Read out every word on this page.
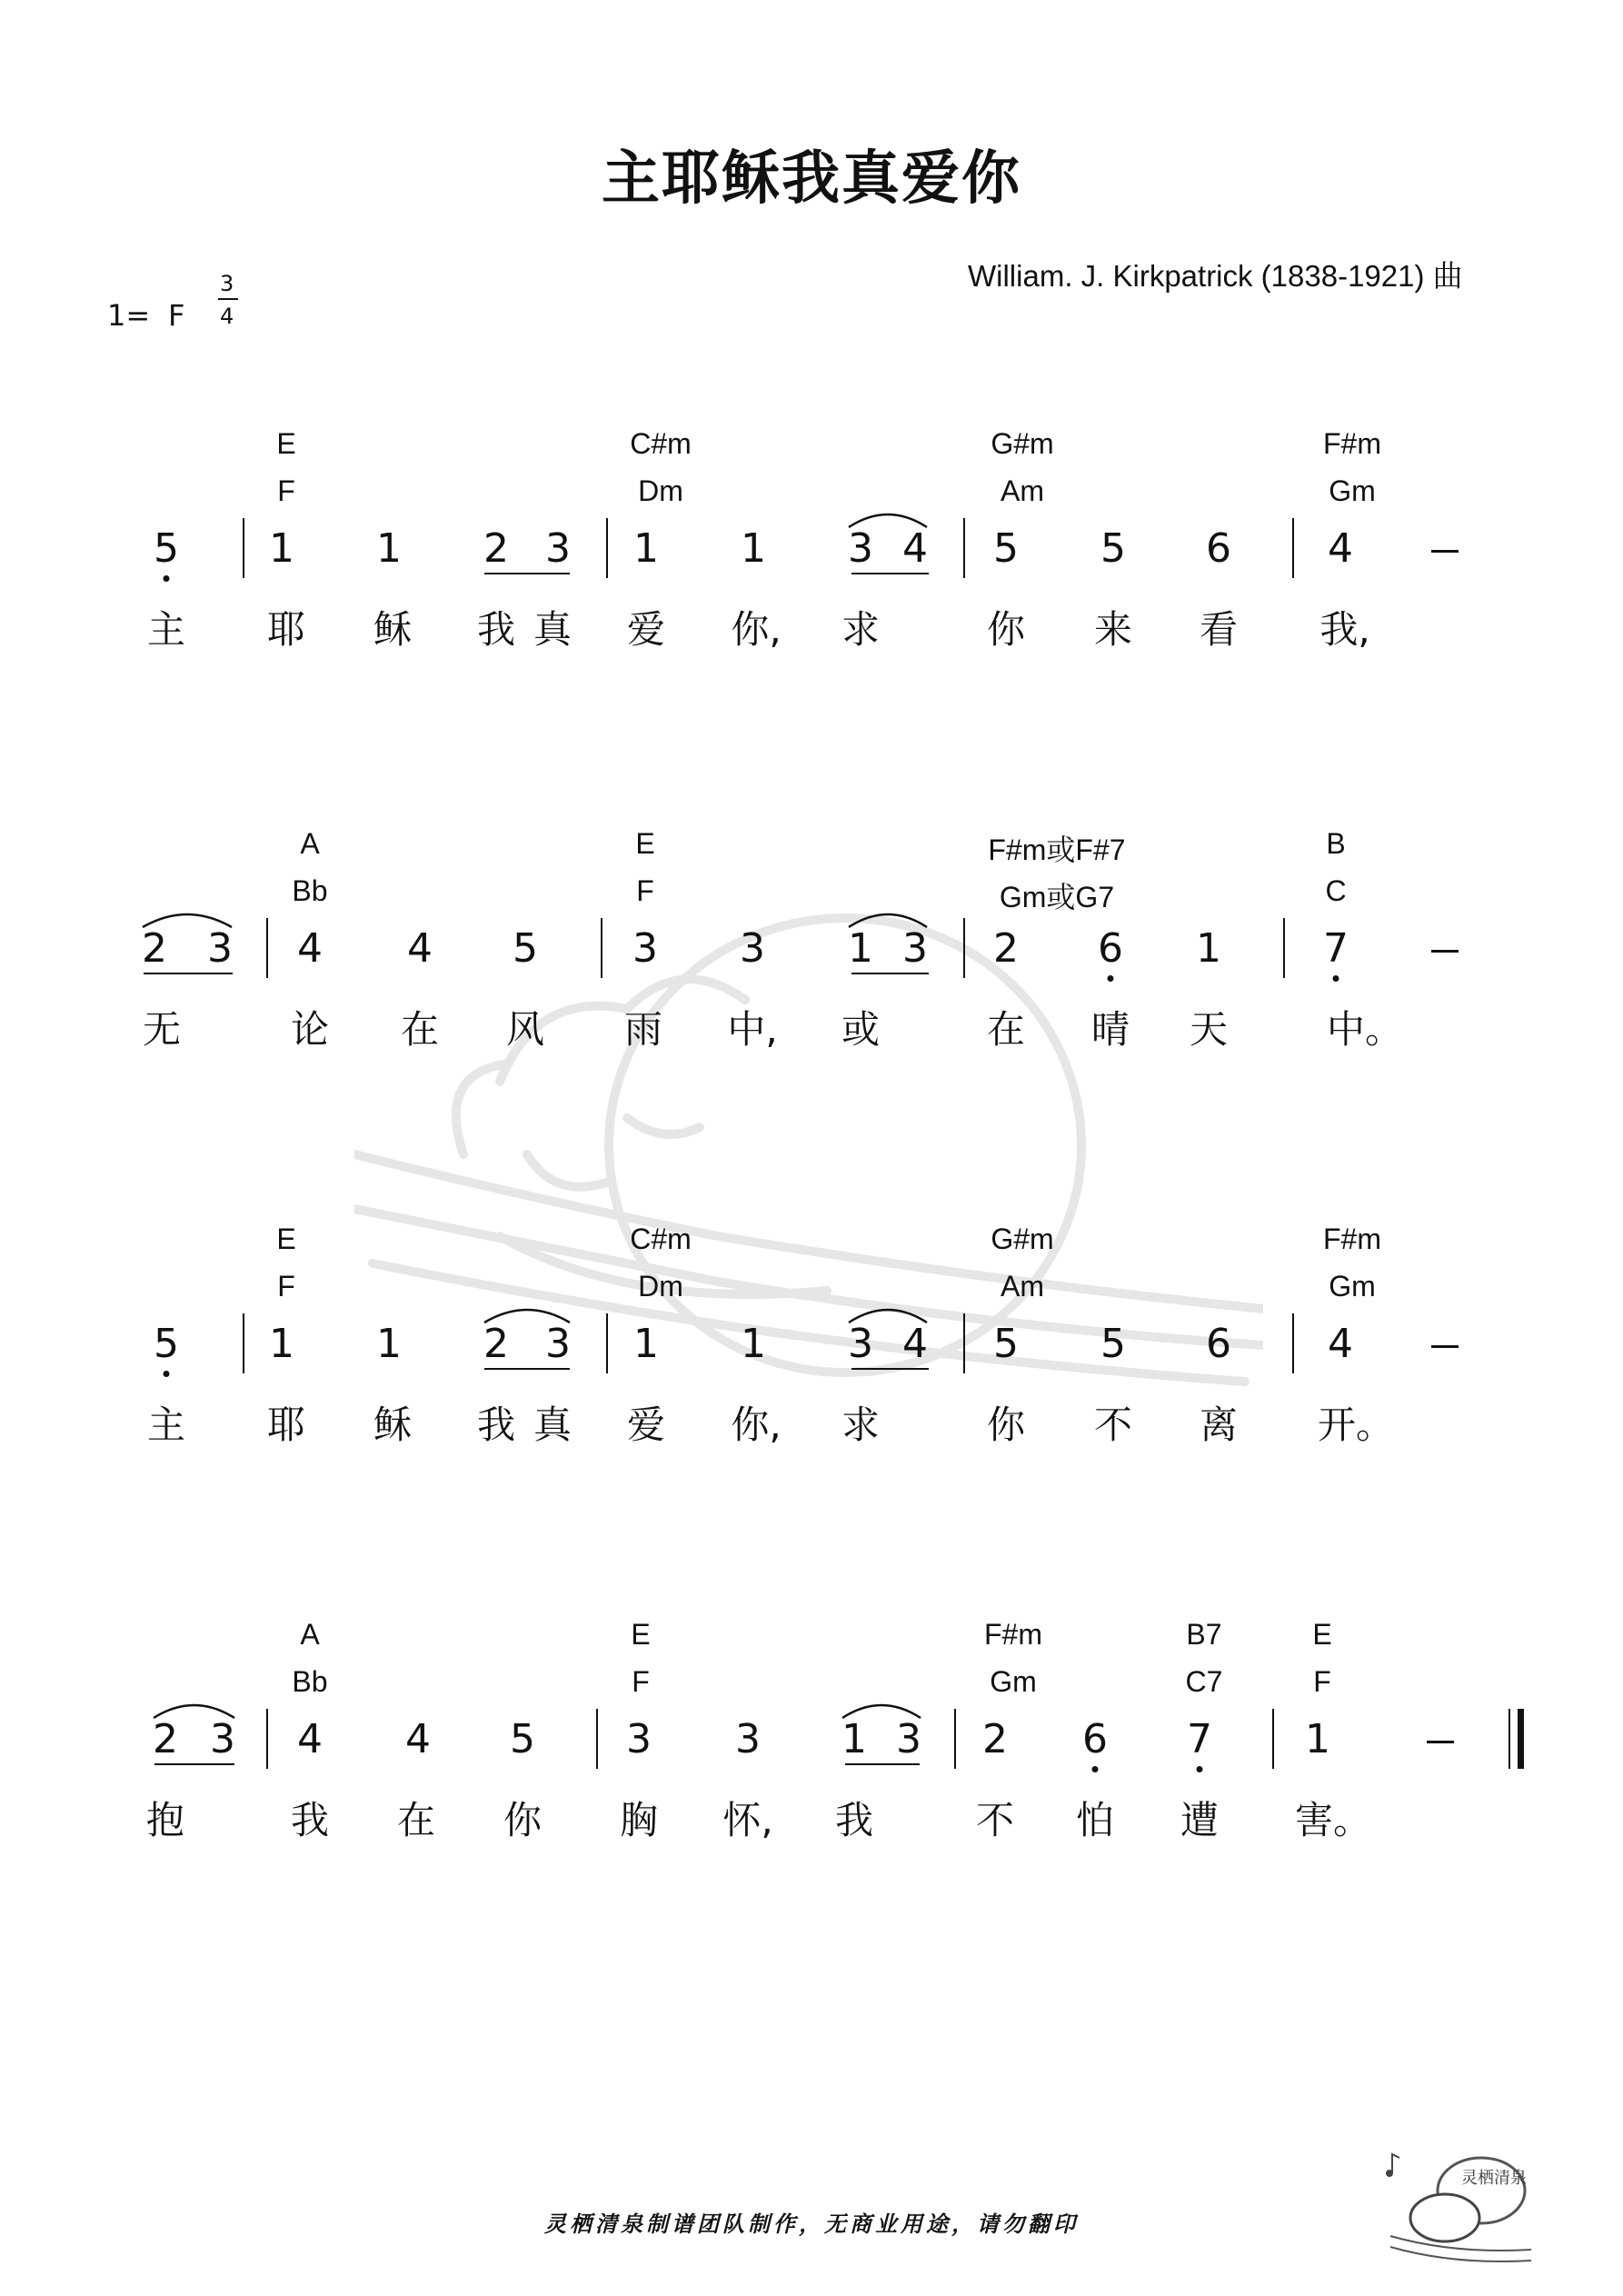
主耶稣我真爱你
William. J. Kirkpatrick (1838-1921) 曲
1= F
3
4
E	C#m	G#m	F#m
F	Dm	Am	Gm
5	1	1	2 3	1	1	3 4	5	5	6	4
主 耶 稣 我 真 爱 你, 求	你 来 看 我,
A	E	F#m或F#7	B
Bb	F	Gm或G7	C
2	3	4	4	5	3	3	1 3	2	6	1	7
无	论 在 风 雨 中, 或	在 晴 天	中。
E	C#m	G#m	F#m
F	Dm	Am	Gm
5	1	1	2 3	1	1	3 4	5	5	6	4
主 耶 稣 我 真 爱 你, 求	你 不 离 开。
A	E	F#m	B7	E
Bb	F	Gm	C7	F
2 3	4	4	5	3	3	1 3	2	6	7	1
抱	我 在 你 胸 怀, 我	不 怕 遭 害。
灵栖清泉制谱团队制作，无商业用途，请勿翻印
灵栖清泉
